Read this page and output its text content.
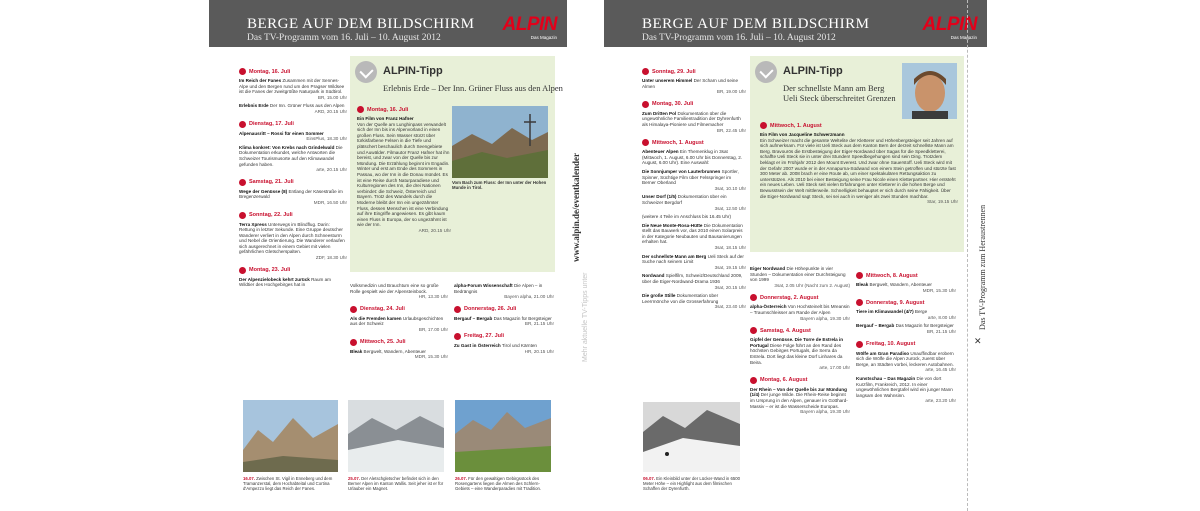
BERGE AUF DEM BILDSCHIRM
Das TV-Programm vom 16. Juli – 10. August 2012
ALPIN
Das Magazin
Montag, 16. Juli
Im Reich der Fanes Zusammen mit der Sennes-Alpe und den Bergen rund um den Pragser Wildsee ist die Fanes der zweitgrößte Naturpark in Südtirol.
BR, 15.00 Uhr
Erlebnis Erde Der Inn. Grüner Fluss aus den Alpen
ARD, 20.15 Uhr
Dienstag, 17. Juli
Alpenausritt – Rossi für einen Sommer
EinsPlus, 18.30 Uhr
Klima konkret: Von Krebs nach Grindelwald Die Dokumentation erkundet, welche Antworten die Schweizer Tourismusorte auf den Klimawandel gefunden haben.
arte, 20.15 Uhr
Samstag, 21. Juli
Wege der Genüsse (8) Entlang der Käsestraße im Bregenzerwald
MDR, 16.50 Uhr
Sonntag, 22. Juli
Terra Xpress Unterwegs im Blindflug. Darin: Rettung in letzter Sekunde. Eine Gruppe deutscher Wanderer verliert in den Alpen durch Schneesturm und Nebel die Orientierung. Die Wanderer verlaufen sich ausgerechnet in einem Gebiet mit vielen gefährlichen Gletscherspalten.
ZDF, 18.30 Uhr
Montag, 23. Juli
Der Alpenzielobeck kehrt zurück Raum am Wildtier des Hochgebirges hat in
ALPIN-Tipp
Erlebnis Erde – Der Inn. Grüner Fluss aus den Alpen
Montag, 16. Juli
Ein Film von Franz Hafner
Von der Quelle am Lunghinpass verwandelt sich der Inn bis ins Alpenvorland in einen großen Fluss. Sein Wasser stürzt über türkisfarbene Felsen in die Tiefe und plätschert beschaulich durch Seengebiete und Auwälder. Filmautor Franz Hafner hat ihn bereist, und zwar von der Quelle bis zur Mündung. Die Erzählung beginnt im Engadin. Winter und erst am Ende des Sommers in Passau, wo der Inn in die Donau mündet. Es ist eine Reise durch Naturparadiese und Kulturregionen des Inn, die drei Nationen verbindet: die Schweiz, Österreich und Bayern. Trotz des Wandels durch die Moderne bleibt der Inn ein ungezähmter Fluss, dessen Menschen ist eine Verbindung auf ihre Eingriffe angewiesen. Es gibt kaum einen Fluss in Europa, der so ungezähmt ist wie der Inn.
ARD, 20.15 Uhr
Vom Bach zum Fluss: der Inn unter der Hohen Munde in Tirol.
Volksmedizin und Brauchtum eine so große Rolle gespielt wie der Alpensteinbock.
HR, 13.30 Uhr
Dienstag, 24. Juli
Als die Fremden kamen Urlaubsgeschichten aus der Schweiz
BR, 17.00 Uhr
Mittwoch, 25. Juli
Bleak Bergwelt, Wandern, Abenteuer
MDR, 15.30 Uhr
alpha-Forum Wissenschaft Die Alpen – in Bedrängnis
Bayern alpha, 21.00 Uhr
Donnerstag, 26. Juli
Bergauf – Bergab Das Magazin für Bergsteiger
BR, 21.15 Uhr
Freitag, 27. Juli
Zu Gast in Österreich Tirol und Kärnten
HR, 20.15 Uhr
16.07. Zwischen St. Vigil in Enneberg und dem Tramanzerstal, dem Hochabteital und Cortina d'Ampezzo liegt das Reich der Fanes.
25.07. Der Aletschgletscher befindet sich in den Berner Alpen im Kanton Wallis. Seit jeher ist er für Urlauber ein Magnet.
26.07. Für den gewaltigen Gebirgsstock des Rosengartens liegen die Almen des Schlern-Gebiets – eine Wanderparadies mit Tradition.
www.alpin.de/eventkalender
Mehr aktuelle TV-Tipps unter
BERGE AUF DEM BILDSCHIRM
Das TV-Programm vom 16. Juli – 10. August 2012
ALPIN
Das Magazin
Sonntag, 29. Juli
Unter unserem Himmel Der Scharn und seine Almen
BR, 19.00 Uhr
Montag, 30. Juli
Zum Dritten Pol Dokumentation über die ungewöhnliche Familientradition der Dyhrenfurth als Himalaya-Pioniere und Filmemacher
BR, 22.45 Uhr
Mittwoch, 1. August
Abenteuer Alpen Ein Themenklug in 3sat (Mittwoch, 1. August, 6.00 Uhr bis Donnerstag, 2. August, 6.00 Uhr). Eine Auswahl:
Die Sonnjumper von Lauterbrunnen Sportler, Spinner, Süchtige Film über Felsspringer im Berner Oberland
3sat, 10.10 Uhr
Unser Dorf (1/5) Dokumentation über ein Schweizer Bergdorf
3sat, 12.50 Uhr
(weitere 4 Teile im Anschluss bis 16.45 Uhr)
Die Neue Monte-Rosa-Hütte Die Dokumentation stellt das Bauwerk vor, das 2010 einen Solarpreis in der Kategorie Neubauten und Bausanierungen erhalten hat.
3sat, 18.15 Uhr
Der schnellste Mann am Berg Ueli Steck auf der Suche nach seinem Limit
3sat, 19.15 Uhr
Nordwand Spielfilm, Schweiz/Deutschland 2009, über die Eiger-Nordwand-Drama 1936
3sat, 20.15 Uhr
Die große Stille Dokumentation über Leerrmönche von die Grosserfahrung
3sat, 23.40 Uhr
ALPIN-Tipp
Der schnellste Mann am Berg
Ueli Steck überschreitet Grenzen
Mittwoch, 1. August
Ein Film von Jacqueline Schwerzmann
Ein Schweizer macht die gesamte Weltelite der Kletterer und Höhenbergsteiger seit Jahren auf sich aufmerksam. Für viele ist Ueli Steck aus dem Kanton Bern der derzeit schnellste Mann am Berg. Bravourös die Erstbesteigung der Eiger-Nordwand über Sagas für die Speedkletterei, schaffte Ueli Steck sie in unter drei Stunden! Speedbegehungen sind sein Ding. Trotzdem beklagt er im Frühjahr 2012 den Mount Everest. Und zwar ohne Sauerstoff. Ueli Steck wird mit der Gefahr 2007 wurde er in der Annapurna-Südwand von einem Stein getroffen und stürzte fast 300 Meter ab. 2008 brach er eine Route ab, um einer spektakulären Rettungsaktion zu unterstützen. Als 2010 bei einer Besteigung seine Frau Nicole einen Kletterpartner. Hier entsteht ein neues Leben. Ueli Steck seit vielen Erfahrungen unter Kletterer in die hohen Berge und Bewusstsein der Welt mittlerweile. Schnelligkeit behauptet er sich durch seine Fähigkeit. Über die Eiger-Nordwand sagt Steck, sei sei auch in weniger als zwei Stunden machbar.
Star, 19.15 Uhr
Eiger Nordwand Die Höhepunkte in vier Stunden – Dokumentation einer Durchsteigung von 1999
3sat, 2.05 Uhr (Nacht zum 2. August)
Donnerstag, 2. August
alpha-Österreich Von Hochsteinelt bis Mreansin – Traumschleisser am Rande der Alpen
Bayern alpha, 19.30 Uhr
Samstag, 4. August
Gipfel der Genüsse. Die Torre de Estrela in Portugal Diese Folge führt an den Rand des höchsten Gebirges Portugals, die Serra da Estrela. Dort liegt das kleine Dorf Linhares da Beira.
arte, 17.00 Uhr
Montag, 6. August
Der Rhein – Von der Quelle bis zur Mündung (1/4) Der junge Wilde. Die Rhein-Reise beginnt im Ursprung in den Alpen, genauer im Gotthard-Massiv – er ist die Wasserscheide Europas.
Bayern alpha, 19.30 Uhr
Mittwoch, 8. August
Bleak Bergwelt, Wandern, Abenteuer
MDR, 15.30 Uhr
Donnerstag, 9. August
Tiere im Klimawandel (4/7) Berge
arte, 8.00 Uhr
Bergauf – Bergab Das Magazin für Bergsteiger
BR, 21.15 Uhr
Freitag, 10. August
Wölfe am Gran Paradiso Unauffindbar erobern sich die Wölfe die Alpen zurück, zuerst über Berge, an Städten vorbei, leckeren Autobahnen.
arte, 16.45 Uhr
Kunstschau – Das Magazin Die von dort Kurzfilm, Frankreich, 2012. In einer ungewöhnlichen Bergtafel wird ein junger Mann langsam den Wahnsinn.
arte, 23.20 Uhr
06.07. Ein Kleinbild unter der Lücker-Wand in 6500 Meter Höhe – ein Highlight aus dem filmischen Schaffen der Dyrenfurth.
✕
Das TV-Programm zum Heraustrennen
